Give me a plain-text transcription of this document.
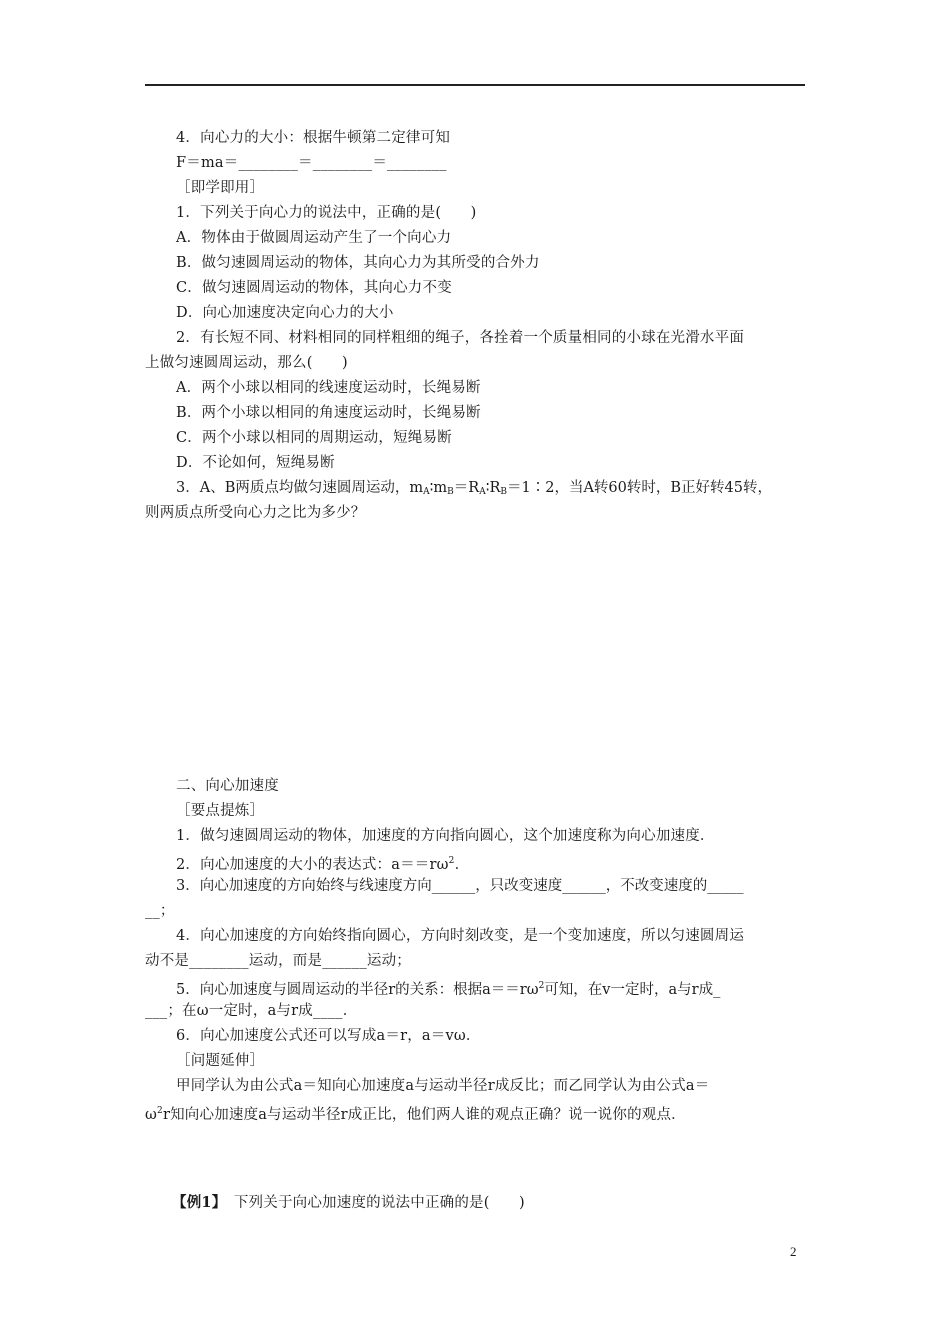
4．向心力的大小：根据牛顿第二定律可知
F＝ma＝________＝________＝________
［即学即用］
1．下列关于向心力的说法中，正确的是(　　)
A．物体由于做圆周运动产生了一个向心力
B．做匀速圆周运动的物体，其向心力为其所受的合外力
C．做匀速圆周运动的物体，其向心力不变
D．向心加速度决定向心力的大小
2．有长短不同、材料相同的同样粗细的绳子，各拴着一个质量相同的小球在光滑水平面
上做匀速圆周运动，那么(　　)
A．两个小球以相同的线速度运动时，长绳易断
B．两个小球以相同的角速度运动时，长绳易断
C．两个小球以相同的周期运动，短绳易断
D．不论如何，短绳易断
3．A、B两质点均做匀速圆周运动，$m_A∶m_B=R_A∶R_B=1∶2$，当A转60转时，B正好转45转，
则两质点所受向心力之比为多少？
二、向心加速度
［要点提炼］
1．做匀速圆周运动的物体，加速度的方向指向圆心，这个加速度称为向心加速度．
2．向心加速度的大小的表达式：$a==r\omega^2$．
3．向心加速度的方向始终与线速度方向______，只改变速度______，不改变速度的_____
__；
4．向心加速度的方向始终指向圆心，方向时刻改变，是一个变加速度，所以匀速圆周运
动不是________运动，而是______运动；
5．向心加速度与圆周运动的半径r的关系：根据$a==r\omega^2$可知，在v一定时，a与r成_
___；在ω一定时，a与r成____．
6．向心加速度公式还可以写成a＝r，a＝vω．
［问题延伸］
甲同学认为由公式a＝知向心加速度a与运动半径r成反比；而乙同学认为由公式a＝
$\omega^2r$知向心加速度a与运动半径r成正比，他们两人谁的观点正确？说一说你的观点．
【例1】　 下列关于向心加速度的说法中正确的是(　　)
2
